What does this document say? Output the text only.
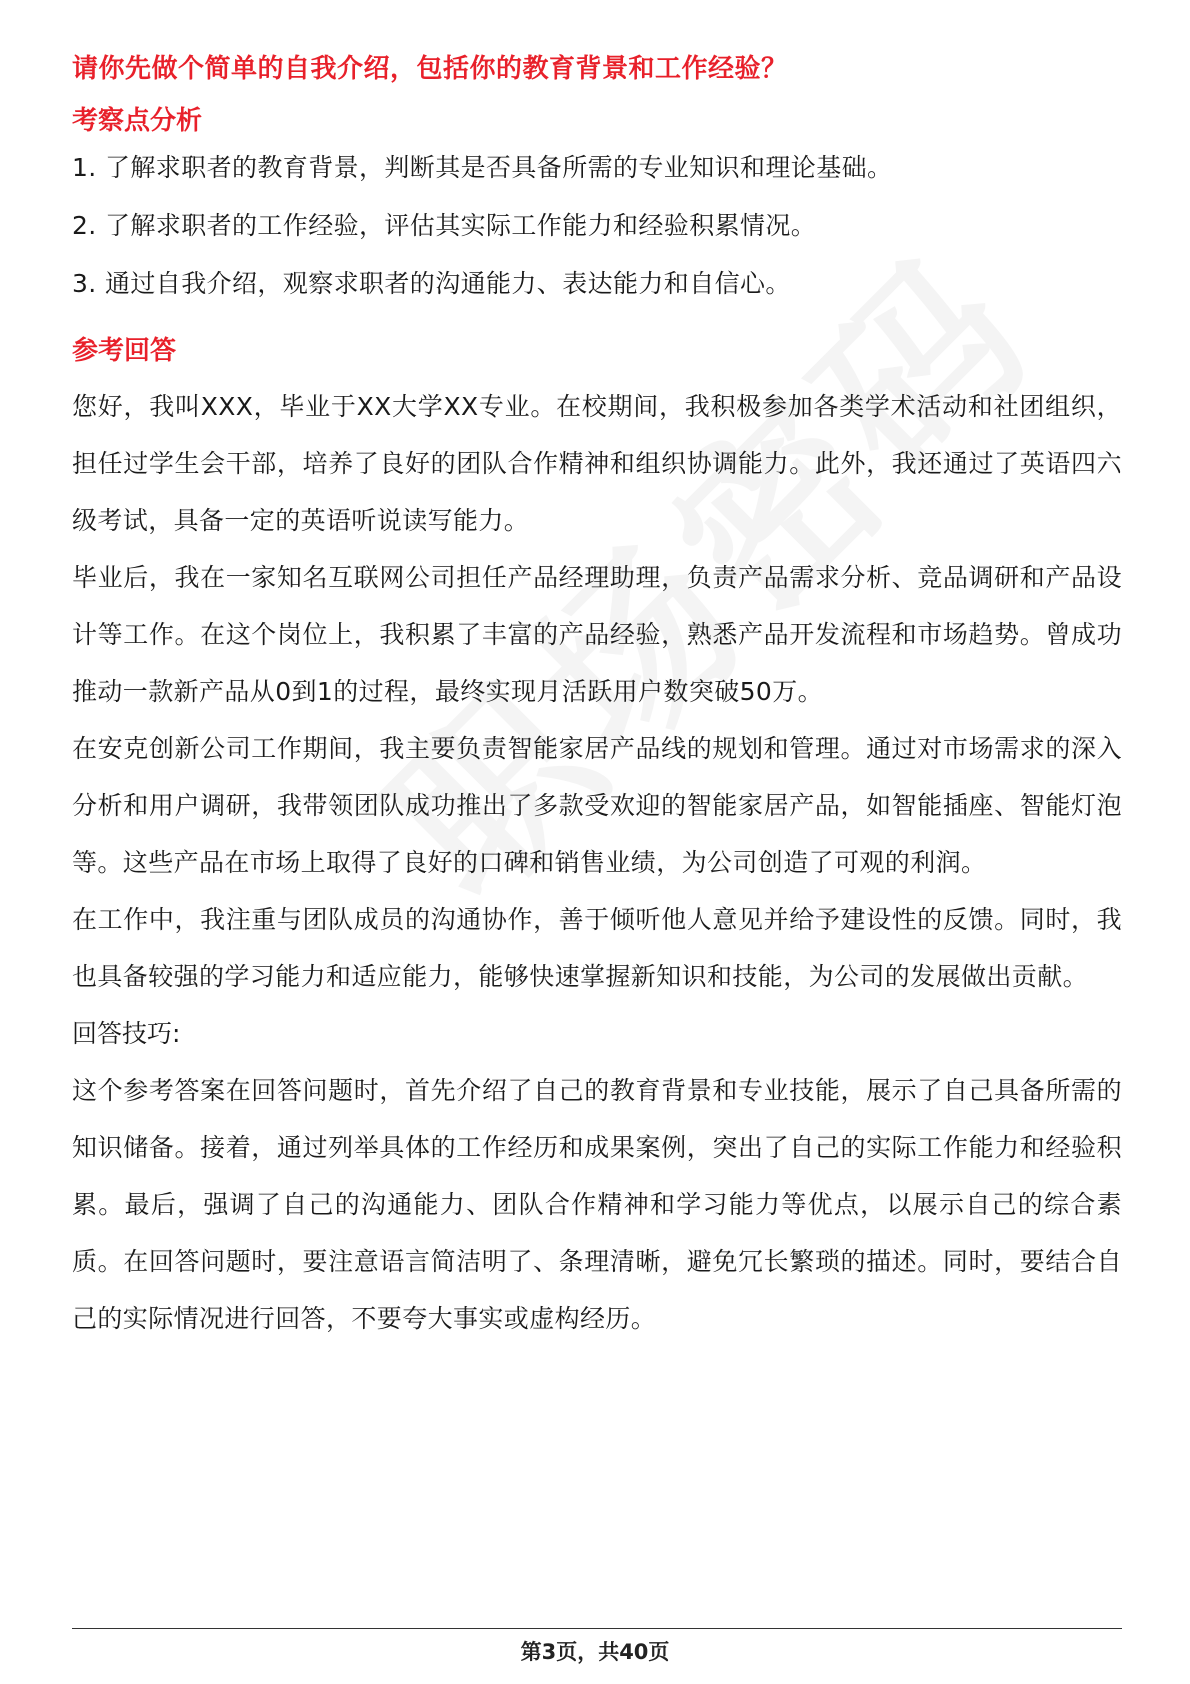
请你先做个简单的自我介绍，包括你的教育背景和工作经验？
考察点分析
1. 了解求职者的教育背景，判断其是否具备所需的专业知识和理论基础。
2. 了解求职者的工作经验，评估其实际工作能力和经验积累情况。
3. 通过自我介绍，观察求职者的沟通能力、表达能力和自信心。
参考回答

您好，我叫XXX，毕业于XX大学XX专业。在校期间，我积极参加各类学术活动和社团组织，担任过学生会干部，培养了良好的团队合作精神和组织协调能力。此外，我还通过了英语四六级考试，具备一定的英语听说读写能力。

毕业后，我在一家知名互联网公司担任产品经理助理，负责产品需求分析、竞品调研和产品设计等工作。在这个岗位上，我积累了丰富的产品经验，熟悉产品开发流程和市场趋势。曾成功推动一款新产品从0到1的过程，最终实现月活跃用户数突破50万。

在安克创新公司工作期间，我主要负责智能家居产品线的规划和管理。通过对市场需求的深入分析和用户调研，我带领团队成功推出了多款受欢迎的智能家居产品，如智能插座、智能灯泡等。这些产品在市场上取得了良好的口碑和销售业绩，为公司创造了可观的利润。

在工作中，我注重与团队成员的沟通协作，善于倾听他人意见并给予建设性的反馈。同时，我也具备较强的学习能力和适应能力，能够快速掌握新知识和技能，为公司的发展做出贡献。

回答技巧:

这个参考答案在回答问题时，首先介绍了自己的教育背景和专业技能，展示了自己具备所需的知识储备。接着，通过列举具体的工作经历和成果案例，突出了自己的实际工作能力和经验积累。最后，强调了自己的沟通能力、团队合作精神和学习能力等优点，以展示自己的综合素质。在回答问题时，要注意语言简洁明了、条理清晰，避免冗长繁琐的描述。同时，要结合自己的实际情况进行回答，不要夸大事实或虚构经历。

第3页，共40页
